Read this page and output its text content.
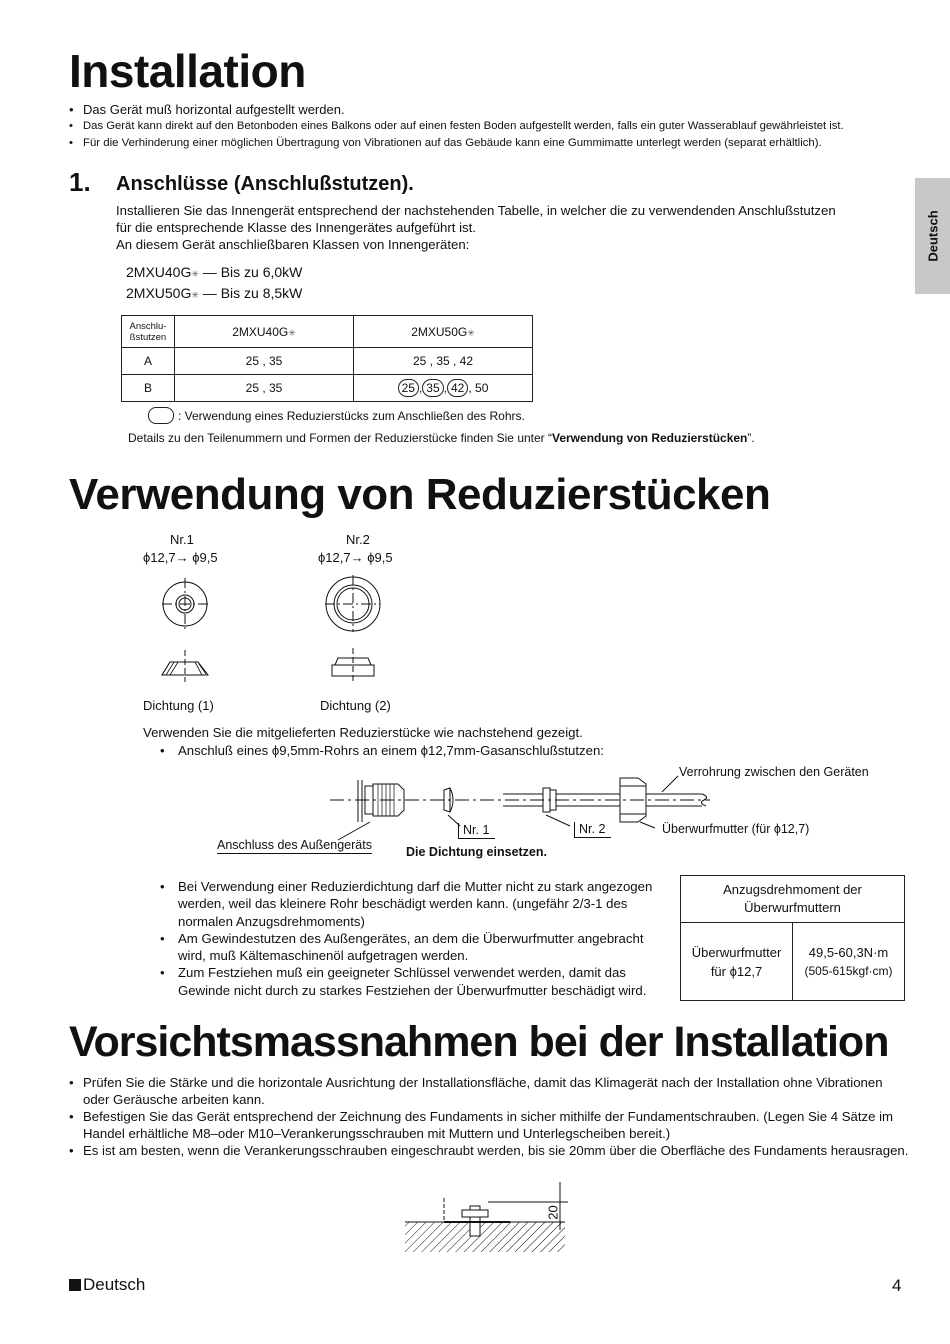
Installation
• Das Gerät muß horizontal aufgestellt werden.
• Das Gerät kann direkt auf den Betonboden eines Balkons oder auf einen festen Boden aufgestellt werden, falls ein guter Wasserablauf gewährleistet ist.
• Für die Verhinderung einer möglichen Übertragung von Vibrationen auf das Gebäude kann eine Gummimatte unterlegt werden (separat erhältlich).
Deutsch
1. Anschlüsse (Anschlußstutzen).
Installieren Sie das Innengerät entsprechend der nachstehenden Tabelle, in welcher die zu verwendenden Anschlußstutzen
für die entsprechende Klasse des Innengerätes aufgeführt ist.
An diesem Gerät anschließbaren Klassen von Innengeräten:
2MXU40G✳ — Bis zu 6,0kW
2MXU50G✳ — Bis zu 8,5kW
Anschlu-
ßstutzen	2MXU40G✳	2MXU50G✳
A	25 , 35	25 , 35 , 42
B	25 , 35	25 , 35 , 42 , 50
: Verwendung eines Reduzierstücks zum Anschließen des Rohrs.
Details zu den Teilenummern und Formen der Reduzierstücke finden Sie unter “Verwendung von Reduzierstücken”.
Verwendung von Reduzierstücken
Nr.1
ϕ12,7→ ϕ9,5
Nr.2
ϕ12,7→ ϕ9,5
Dichtung (1)	Dichtung (2)
Verwenden Sie die mitgelieferten Reduzierstücke wie nachstehend gezeigt.
• Anschluß eines ϕ9,5mm-Rohrs an einem ϕ12,7mm-Gasanschlußstutzen:
Verrohrung zwischen den Geräten
Nr. 1	Nr. 2	Überwurfmutter (für ϕ12,7)
Anschluss des Außengeräts	Die Dichtung einsetzen.
• Bei Verwendung einer Reduzierdichtung darf die Mutter nicht zu stark angezogen werden, weil das kleinere Rohr beschädigt werden kann. (ungefähr 2/3-1 des normalen Anzugsdrehmoments)
• Am Gewindestutzen des Außengerätes, an dem die Überwurfmutter angebracht wird, muß Kältemaschinenöl aufgetragen werden.
• Zum Festziehen muß ein geeigneter Schlüssel verwendet werden, damit das Gewinde nicht durch zu starkes Festziehen der Überwurfmutter beschädigt wird.
Anzugsdrehmoment der
Überwurfmuttern

Überwurfmutter
für ϕ12,7

49,5-60,3N·m
(505-615kgf·cm)
Vorsichtsmassnahmen bei der Installation
• Prüfen Sie die Stärke und die horizontale Ausrichtung der Installationsfläche, damit das Klimagerät nach der Installation ohne Vibrationen oder Geräusche arbeiten kann.
• Befestigen Sie das Gerät entsprechend der Zeichnung des Fundaments in sicher mithilfe der Fundamentschrauben. (Legen Sie 4 Sätze im Handel erhältliche M8–oder M10–Verankerungsschrauben mit Muttern und Unterlegscheiben bereit.)
• Es ist am besten, wenn die Verankerungsschrauben eingeschraubt werden, bis sie 20mm über die Oberfläche des Fundaments herausragen.
20
Deutsch	4
